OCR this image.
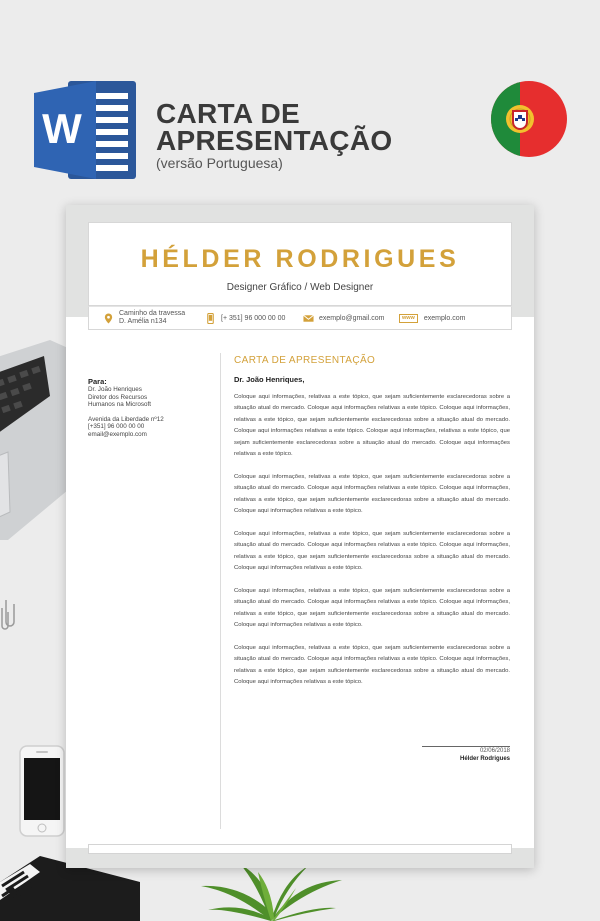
W	CARTA DE
APRESENTAÇÃO
(versão Portuguesa)
HÉLDER RODRIGUES
Designer Gráfico / Web Designer
Caminho da travessa
D. Amélia n134	[+ 351] 96 000 00 00	exemplo@gmail.com	www	exemplo.com
Para:
Dr. João Henriques
Diretor dos Recursos
Humanos na Microsoft
Avenida da Liberdade nº12
[+351] 96 000 00 00
email@exemplo.com
CARTA DE APRESENTAÇÃO
Dr. João Henriques,

Coloque aqui informações, relativas a este tópico, que sejam suficientemente esclarecedoras sobre a situação atual do mercado. Coloque aqui informações relativas a este tópico. Coloque aqui informações, relativas a este tópico, que sejam suficientemente esclarecedoras sobre a situação atual do mercado. Coloque aqui informações relativas a este tópico. Coloque aqui informações, relativas a este tópico, que sejam suficientemente esclarecedoras sobre a situação atual do mercado. Coloque aqui informações relativas a este tópico.

Coloque aqui informações, relativas a este tópico, que sejam suficientemente esclarecedoras sobre a situação atual do mercado. Coloque aqui informações relativas a este tópico. Coloque aqui informações, relativas a este tópico, que sejam suficientemente esclarecedoras sobre a situação atual do mercado. Coloque aqui informações relativas a este tópico.

Coloque aqui informações, relativas a este tópico, que sejam suficientemente esclarecedoras sobre a situação atual do mercado. Coloque aqui informações relativas a este tópico. Coloque aqui informações, relativas a este tópico, que sejam suficientemente esclarecedoras sobre a situação atual do mercado. Coloque aqui informações relativas a este tópico.

Coloque aqui informações, relativas a este tópico, que sejam suficientemente esclarecedoras sobre a situação atual do mercado. Coloque aqui informações relativas a este tópico. Coloque aqui informações, relativas a este tópico, que sejam suficientemente esclarecedoras sobre a situação atual do mercado. Coloque aqui informações relativas a este tópico.

Coloque aqui informações, relativas a este tópico, que sejam suficientemente esclarecedoras sobre a situação atual do mercado. Coloque aqui informações relativas a este tópico. Coloque aqui informações, relativas a este tópico, que sejam suficientemente esclarecedoras sobre a situação atual do mercado. Coloque aqui informações relativas a este tópico.

02/06/2018
Hélder Rodrigues
